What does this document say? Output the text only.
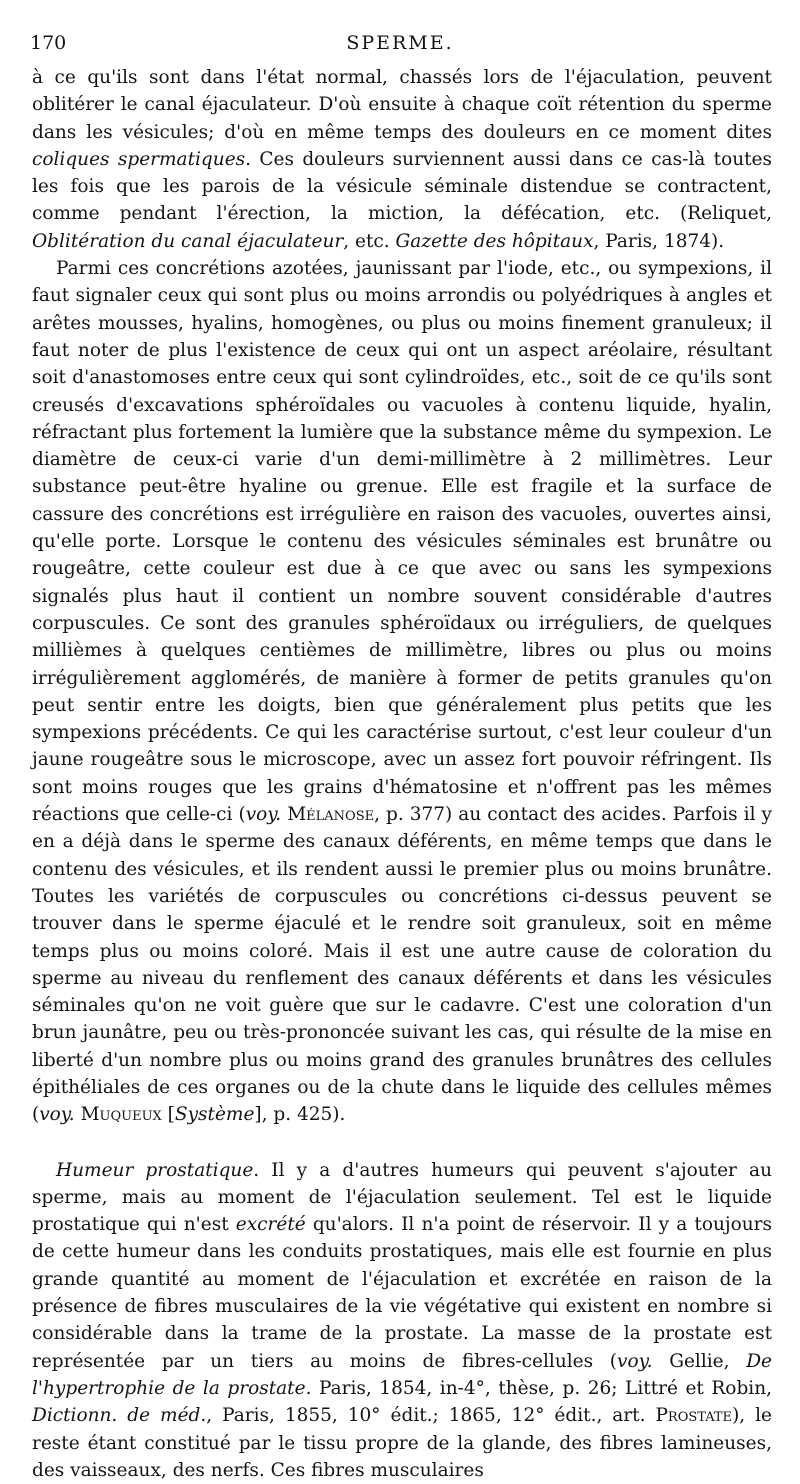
170	SPERME.

à ce qu'ils sont dans l'état normal, chassés lors de l'éjaculation, peuvent oblitérer le canal éjaculateur. D'où ensuite à chaque coït rétention du sperme dans les vésicules; d'où en même temps des douleurs en ce moment dites coliques spermatiques. Ces douleurs surviennent aussi dans ce cas-là toutes les fois que les parois de la vésicule séminale distendue se contractent, comme pendant l'érection, la miction, la défécation, etc. (Reliquet, Oblitération du canal éjaculateur, etc. Gazette des hôpitaux, Paris, 1874).

Parmi ces concrétions azotées, jaunissant par l'iode, etc., ou sympexions, il faut signaler ceux qui sont plus ou moins arrondis ou polyédriques à angles et arêtes mousses, hyalins, homogènes, ou plus ou moins finement granuleux; il faut noter de plus l'existence de ceux qui ont un aspect aréolaire, résultant soit d'anastomoses entre ceux qui sont cylindroïdes, etc., soit de ce qu'ils sont creusés d'excavations sphéroïdales ou vacuoles à contenu liquide, hyalin, réfractant plus fortement la lumière que la substance même du sympexion. Le diamètre de ceux-ci varie d'un demi-millimètre à 2 millimètres. Leur substance peut-être hyaline ou grenue. Elle est fragile et la surface de cassure des concrétions est irrégulière en raison des vacuoles, ouvertes ainsi, qu'elle porte. Lorsque le contenu des vésicules séminales est brunâtre ou rougeâtre, cette couleur est due à ce que avec ou sans les sympexions signalés plus haut il contient un nombre souvent considérable d'autres corpuscules. Ce sont des granules sphéroïdaux ou irréguliers, de quelques millièmes à quelques centièmes de millimètre, libres ou plus ou moins irrégulièrement agglomérés, de manière à former de petits granules qu'on peut sentir entre les doigts, bien que généralement plus petits que les sympexions précédents. Ce qui les caractérise surtout, c'est leur couleur d'un jaune rougeâtre sous le microscope, avec un assez fort pouvoir réfringent. Ils sont moins rouges que les grains d'hématosine et n'offrent pas les mêmes réactions que celle-ci (voy. Mélanose, p. 377) au contact des acides. Parfois il y en a déjà dans le sperme des canaux déférents, en même temps que dans le contenu des vésicules, et ils rendent aussi le premier plus ou moins brunâtre. Toutes les variétés de corpuscules ou concrétions ci-dessus peuvent se trouver dans le sperme éjaculé et le rendre soit granuleux, soit en même temps plus ou moins coloré. Mais il est une autre cause de coloration du sperme au niveau du renflement des canaux déférents et dans les vésicules séminales qu'on ne voit guère que sur le cadavre. C'est une coloration d'un brun jaunâtre, peu ou très-prononcée suivant les cas, qui résulte de la mise en liberté d'un nombre plus ou moins grand des granules brunâtres des cellules épithéliales de ces organes ou de la chute dans le liquide des cellules mêmes (voy. Muqueux [Système], p. 425).

Humeur prostatique. Il y a d'autres humeurs qui peuvent s'ajouter au sperme, mais au moment de l'éjaculation seulement. Tel est le liquide prostatique qui n'est excrété qu'alors. Il n'a point de réservoir. Il y a toujours de cette humeur dans les conduits prostatiques, mais elle est fournie en plus grande quantité au moment de l'éjaculation et excrétée en raison de la présence de fibres musculaires de la vie végétative qui existent en nombre si considérable dans la trame de la prostate. La masse de la prostate est représentée par un tiers au moins de fibres-cellules (voy. Gellie, De l'hypertrophie de la prostate. Paris, 1854, in-4°, thèse, p. 26; Littré et Robin, Dictionn. de méd., Paris, 1855, 10° édit.; 1865, 12° édit., art. Prostate), le reste étant constitué par le tissu propre de la glande, des fibres lamineuses, des vaisseaux, des nerfs. Ces fibres musculaires
